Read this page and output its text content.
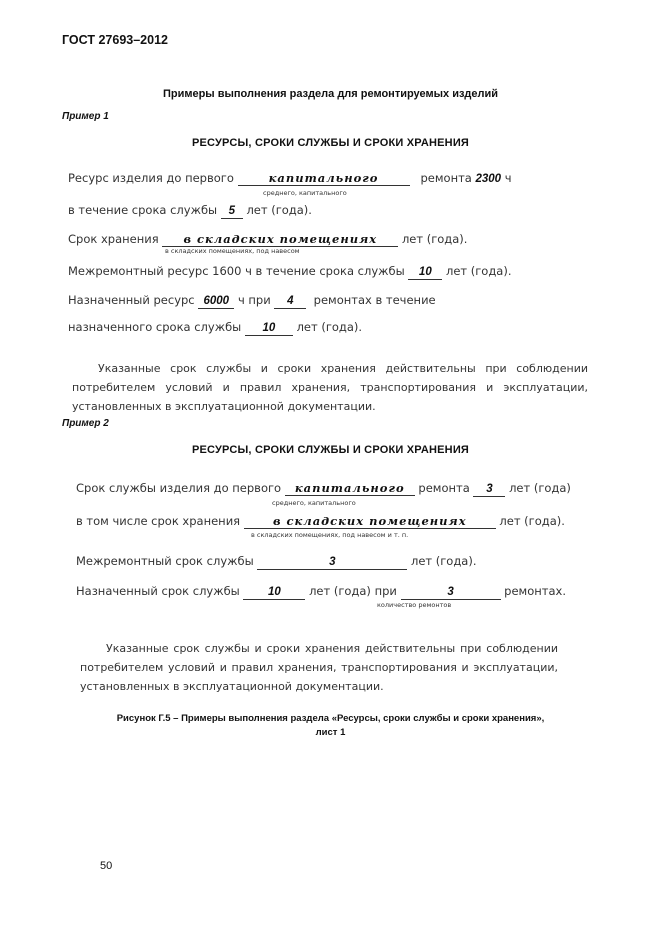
ГОСТ 27693–2012
Примеры выполнения раздела для ремонтируемых изделий
Пример 1
РЕСУРСЫ, СРОКИ СЛУЖБЫ И СРОКИ ХРАНЕНИЯ
Ресурс изделия до первого	капитального	ремонта 2300 ч
среднего, капитального
в течение срока службы 5 лет (года).
Срок хранения в складских помещениях лет (года).
в складских помещениях, под навесом
Межремонтный ресурс 1600 ч в течение срока службы 10 лет (года).
Назначенный ресурс 6000 ч при 4 ремонтах в течение
назначенного срока службы 10 лет (года).
Указанные срок службы и сроки хранения действительны при соблюдении
потребителем условий и правил хранения, транспортирования и эксплуатации,
установленных в эксплуатационной документации.
Пример 2
РЕСУРСЫ, СРОКИ СЛУЖБЫ И СРОКИ ХРАНЕНИЯ
Срок службы изделия до первого капитального ремонта 3 лет (года)
среднего, капитального
в том числе срок хранения	в складских помещениях	лет (года).
в складских помещениях, под навесом и т. п.
Межремонтный срок службы	3	лет (года).
Назначенный срок службы 10 лет (года) при	3	ремонтах.
количество ремонтов
Указанные срок службы и сроки хранения действительны при соблюдении
потребителем условий и правил хранения, транспортирования и эксплуатации,
установленных в эксплуатационной документации.
Рисунок Г.5 – Примеры выполнения раздела «Ресурсы, сроки службы и сроки хранения»,
лист 1
50
